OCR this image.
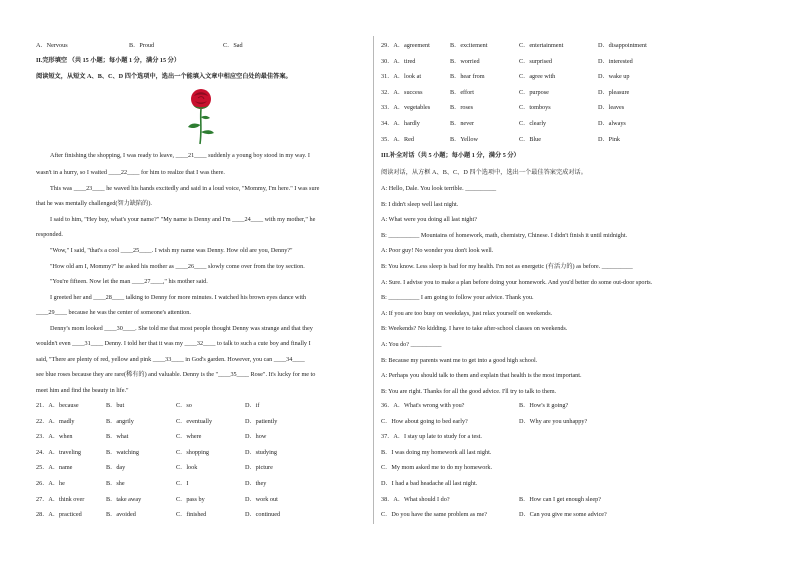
A．Nervous	B．Proud	C．Sad
II.完形填空 （共 15 小题；每小题 1 分，满分 15 分）
阅读短文，从短文 A、B、C、D 四个选项中，选出一个能填入文章中相应空白处的最佳答案。
After finishing the shopping, I was ready to leave, ____21____ suddenly a young boy stood in my way. I
wasn't in a hurry, so I waited ____22____ for him to realize that I was there.
This was ____23____ he waved his hands excitedly and said in a loud voice, "Mommy, I'm here." I was sure
that he was mentally challenged(智力缺陷的).
I said to him, "Hey buy, what's your name?" "My name is Denny and I'm ____24____ with my mother," he
responded.
"Wow," I said, "that's a cool ____25____. I wish my name was Denny. How old are you, Denny?"
"How old am I, Mommy?" he asked his mother as ____26____ slowly come over from the toy section.
"You're fifteen. Now let the man ____27____," his mother said.
I greeted her and ____28____ talking to Denny for more minutes. I watched his brown eyes dance with
____29____ because he was the center of someone's attention.
Denny's mom looked ____30____. She told me that most people thought Denny was strange and that they
wouldn't even ____31____ Denny. I told her that it was my ____32____ to talk to such a cute boy and finally I
said, "There are plenty of red, yellow and pink ____33____ in God's garden. However, you can ____34____
see blue roses because they are rare(稀有的) and valuable. Denny is the "____35____ Rose". It's lucky for me to
meet him and find the beauty in life."
21．A．because	B．but	C．so	D．if
22．A．madly	B．angrily	C．eventually	D．patiently
23．A．when	B．what	C．where	D．how
24．A．traveling	B．watching	C．shopping	D．studying
25．A．name	B．day	C．look	D．picture
26．A．he	B．she	C．I	D．they
27．A．think over	B．take away	C．pass by	D．work out
28．A．practiced	B．avoided	C．finished	D．continued
29．A．agreement	B．excitement	C．entertainment	D．disappointment
30．A．tired	B．worried	C．surprised	D．interested
31．A．look at	B．hear from	C．agree with	D．wake up
32．A．success	B．effort	C．purpose	D．pleasure
33．A．vegetables	B．roses	C．tomboys	D．leaves
34．A．hardly	B．never	C．clearly	D．always
35．A．Red	B．Yellow	C．Blue	D．Pink
III.补全对话（共 5 小题；每小题 1 分，满分 5 分）
阅读对话，从方框 A、B、C、D 四个选项中，选出一个最佳答案完成对话。
A: Hello, Dale. You look terrible. __________
B: I didn't sleep well last night.
A: What were you doing all last night?
B: __________ Mountains of homework, math, chemistry, Chinese. I didn't finish it until midnight.
A: Poor guy! No wonder you don't look well.
B: You know. Less sleep is bad for my health. I'm not as energetic (有活力的) as before. __________
A: Sure. I advise you to make a plan before doing your homework. And you'd better do some out-door sports.
B: __________ I am going to follow your advice. Thank you.
A: If you are too busy on weekdays, just relax yourself on weekends.
B: Weekends? No kidding. I have to take after-school classes on weekends.
A: You do? __________
B: Because my parents want me to get into a good high school.
A: Perhaps you should talk to them and explain that health is the most important.
B: You are right. Thanks for all the good advice. I'll try to talk to them.
36．A．What's wrong with you?	B．How's it going?
C．How about going to bed early?	D．Why are you unhappy?
37．A．I stay up late to study for a test.
B．I was doing my homework all last night.
C．My mom asked me to do my homework.
D．I had a bad headache all last night.
38．A．What should I do?	B．How can I get enough sleep?
C．Do you have the same problem as me?	D．Can you give me some advice?
